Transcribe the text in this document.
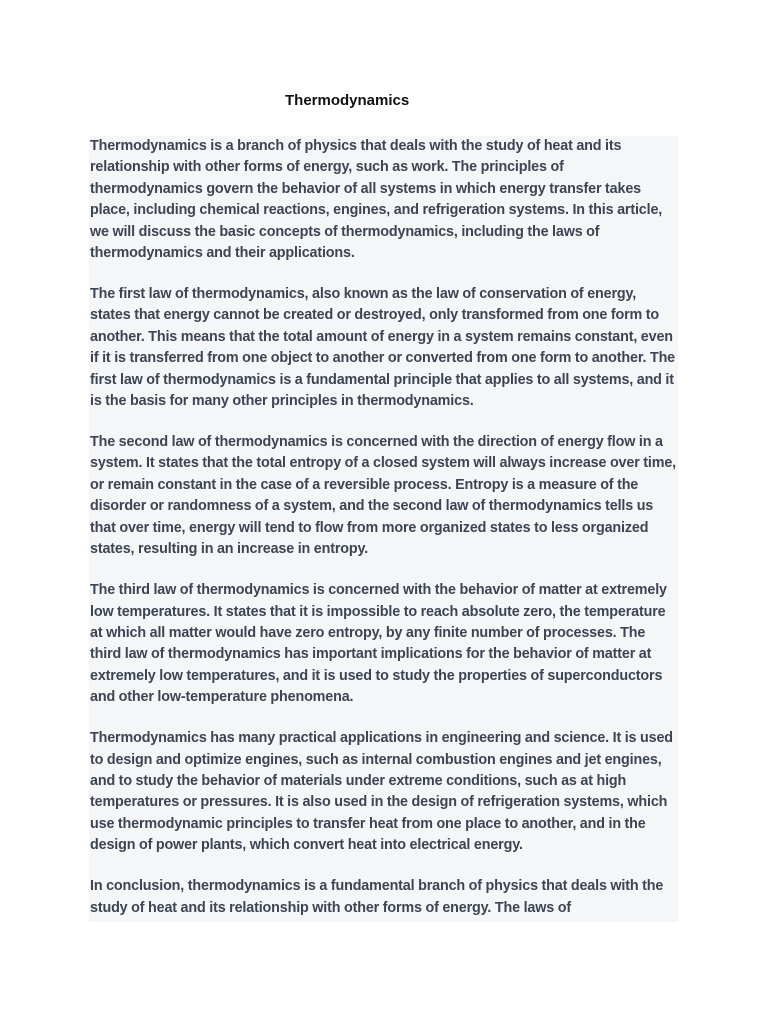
Thermodynamics

Thermodynamics is a branch of physics that deals with the study of heat and its relationship with other forms of energy, such as work. The principles of thermodynamics govern the behavior of all systems in which energy transfer takes place, including chemical reactions, engines, and refrigeration systems. In this article, we will discuss the basic concepts of thermodynamics, including the laws of thermodynamics and their applications.

The first law of thermodynamics, also known as the law of conservation of energy, states that energy cannot be created or destroyed, only transformed from one form to another. This means that the total amount of energy in a system remains constant, even if it is transferred from one object to another or converted from one form to another. The first law of thermodynamics is a fundamental principle that applies to all systems, and it is the basis for many other principles in thermodynamics.

The second law of thermodynamics is concerned with the direction of energy flow in a system. It states that the total entropy of a closed system will always increase over time, or remain constant in the case of a reversible process. Entropy is a measure of the disorder or randomness of a system, and the second law of thermodynamics tells us that over time, energy will tend to flow from more organized states to less organized states, resulting in an increase in entropy.

The third law of thermodynamics is concerned with the behavior of matter at extremely low temperatures. It states that it is impossible to reach absolute zero, the temperature at which all matter would have zero entropy, by any finite number of processes. The third law of thermodynamics has important implications for the behavior of matter at extremely low temperatures, and it is used to study the properties of superconductors and other low-temperature phenomena.

Thermodynamics has many practical applications in engineering and science. It is used to design and optimize engines, such as internal combustion engines and jet engines, and to study the behavior of materials under extreme conditions, such as at high temperatures or pressures. It is also used in the design of refrigeration systems, which use thermodynamic principles to transfer heat from one place to another, and in the design of power plants, which convert heat into electrical energy.

In conclusion, thermodynamics is a fundamental branch of physics that deals with the study of heat and its relationship with other forms of energy. The laws of
